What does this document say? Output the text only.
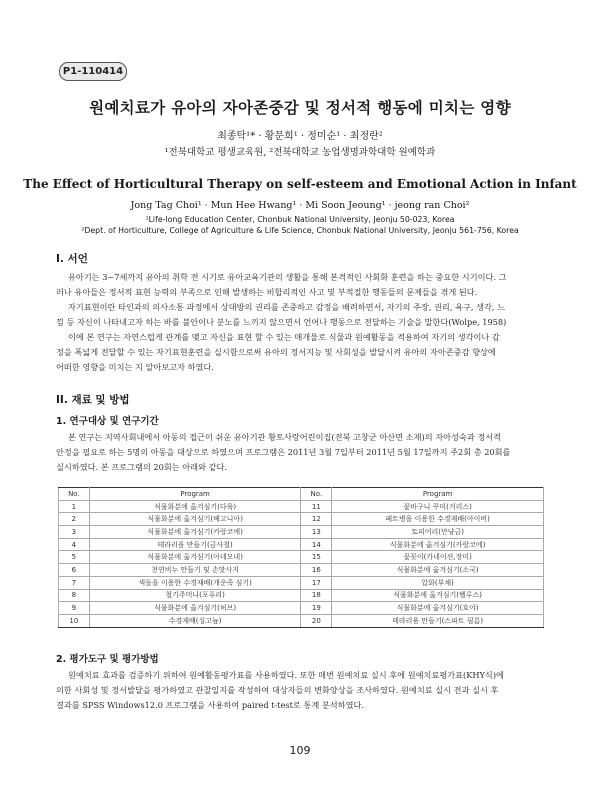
P1-110414
원예치료가 유아의 자아존중감 및 정서적 행동에 미치는 영향
최종탁¹* · 황문희¹ · 정미순¹ · 최정란²
¹전북대학교 평생교육원, ²전북대학교 농업생명과학대학 원예학과
The Effect of Horticultural Therapy on self-esteem and Emotional Action in Infant
Jong Tag Choi¹ · Mun Hee Hwang¹ · Mi Soon Jeoung¹ · jeong ran Choi²
¹Life-long Education Center, Chonbuk National University, Jeonju 50-023, Korea
²Dept. of Horticulture, College of Agriculture & Life Science, Chonbuk National University, Jeonju 561-756, Korea
I. 서언
유아기는 3~7세까지 유아의 취학 전 시기로 유아교육기관의 생활을 통해 본격적인 사회화 훈련을 하는 중요한 시기이다. 그
러나 유아들은 정서적 표현 능력의 부족으로 인해 발생하는 비합리적인 사고 및 부적절한 행동들의 문제들을 겪게 된다.
자기표현이란 타인과의 의사소통 과정에서 상대방의 권리를 존중하고 감정을 배려하면서, 자기의 주장, 권리, 욕구, 생각, 느
낌 등 자신이 나타내고자 하는 바를 불안이나 분노를 느끼지 않으면서 언어나 행동으로 전달하는 기술을 말한다(Wolpe, 1958)
이에 본 연구는 자연스럽게 관계를 맺고 자신을 표현 할 수 있는 매개물로 식물과 원예활동을 적용하여 자기의 생각이나 감
정을 폭넓게 전달할 수 있는 자기표현훈련을 실시함으로써 유아의 정서지능 및 사회성을 발달시켜 유아의 자아존중감 향상에
어떠한 영향을 미치는 지 알아보고자 하였다.
II. 재료 및 방법
1. 연구대상 및 연구기간
본 연구는 지역사회내에서 아동의 접근이 쉬운 유아기관 황토사랑어린이집(전북 고창군 아산면 소재)의 자아성숙과 정서적
안정을 필요로 하는 5명의 아동을 대상으로 하였으며 프로그램은 2011년 3월 7일부터 2011년 5월 17일까지 주2회 총 20회를
실시하였다. 본 프로그램의 20회는 아래와 같다.
No.	Program	No.	Program
1	식물화분에 옮겨심기(다육)	11	꽃바구니 꾸미(거리스)
2	식물화분에 옮겨심기(베고니아)	12	페트병을 이용한 수경재배(아이비)
3	식물화분에 옮겨심기(카랑코에)	13	토피어리(만냥금)
4	테라리움 만들기(금사철)	14	식물화분에 옮겨심기(카랑코에)
5	식물화분에 옮겨심기(아네모네)	15	꽃꽂이(카네이션,장미)
6	천연비누 만들기 및 손맛사지	16	식물화분에 옮겨심기(소국)
7	색돌을 이용한 수경재배(개운죽 심기)	17	압화(부채)
8	철기주머니(포푸리)	18	식물화분에 옮겨심기(벨루스)
9	식물화분에 옮겨심기(허브)	19	식물화분에 옮겨심기(호야)
10	수경재배(싱고늄)	20	테라리움 만들기(스파트 필름)
2. 평가도구 및 평가방법
원예치료 효과를 검증하기 위하여 원예활동평가표를 사용하였다. 또한 매번 원예치료 실시 후에 원예치료평가표(KHY식)에
의한 사회성 및 정서발달을 평가하였고 관찰일지를 작성하여 대상자들의 변화양상을 조사하였다. 원예치료 실시 전과 실시 후
결과를 SPSS Windows12.0 프로그램을 사용하여 paired t-test로 통계 분석하였다.
109
